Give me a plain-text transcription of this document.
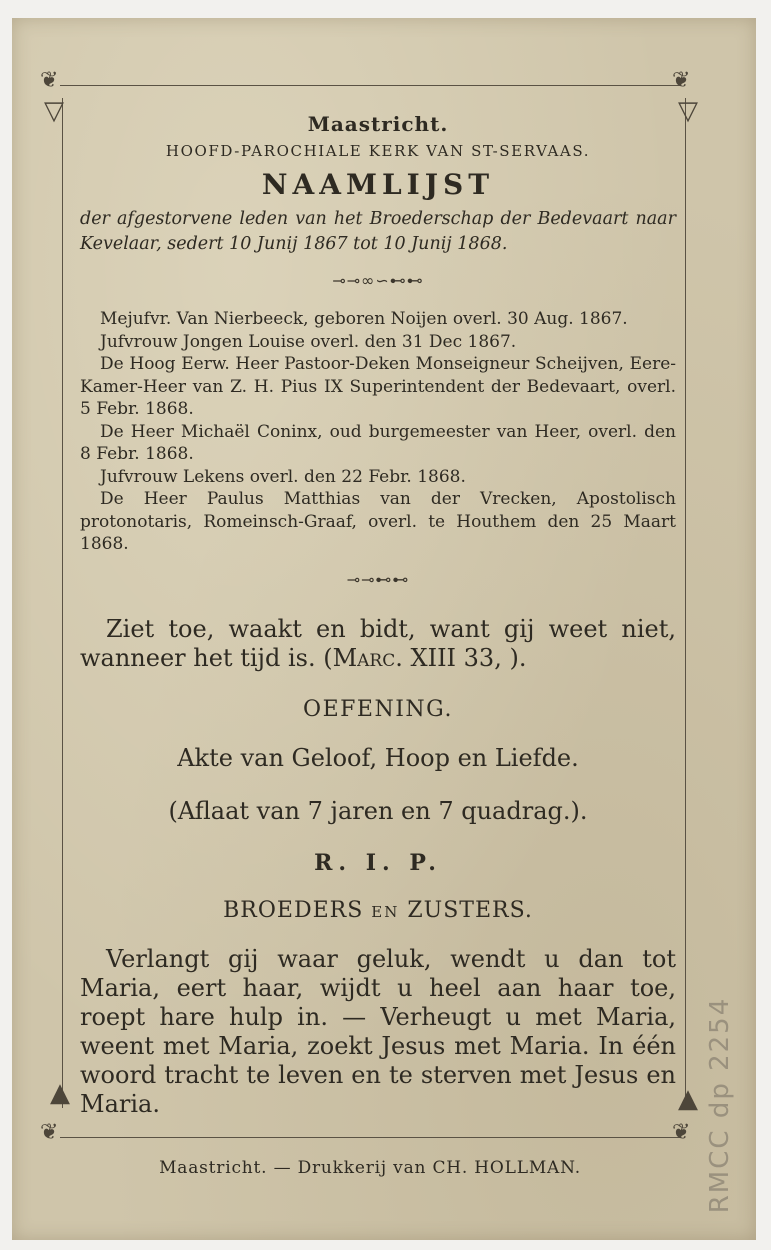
❦	❦
❦	❦
▽	▽
▲	▲

Maastricht.

HOOFD-PAROCHIALE KERK VAN ST-SERVAAS.

NAAMLIJST

der afgestorvene leden van het Broederschap der Bedevaart naar Kevelaar, sedert 10 Junij 1867 tot 10 Junij 1868.

⊸⊸∞∽⊷⊷

Mejufvr. Van Nierbeeck, geboren Noijen overl. 30 Aug. 1867.

Jufvrouw Jongen Louise overl. den 31 Dec 1867.

De Hoog Eerw. Heer Pastoor-Deken Monseigneur Scheijven, Eere-Kamer-Heer van Z. H. Pius IX Superintendent der Bedevaart, overl. 5 Febr. 1868.

De Heer Michaël Coninx, oud burgemeester van Heer, overl. den 8 Febr. 1868.

Jufvrouw Lekens overl. den 22 Febr. 1868.

De Heer Paulus Matthias van der Vrecken, Apostolisch protonotaris, Romeinsch-Graaf, overl. te Houthem den 25 Maart 1868.

⊸⊸⊷⊷

Ziet toe, waakt en bidt, want gij weet niet, wanneer het tijd is. (Marc. XIII 33, ).

OEFENING.

Akte van Geloof, Hoop en Liefde.

(Aflaat van 7 jaren en 7 quadrag.).

R. I. P.

BROEDERS EN ZUSTERS.

Verlangt gij waar geluk, wendt u dan tot Maria, eert haar, wijdt u heel aan haar toe, roept hare hulp in. — Verheugt u met Maria, weent met Maria, zoekt Jesus met Maria. In één woord tracht te leven en te sterven met Jesus en Maria.

Maastricht. — Drukkerij van CH. HOLLMAN.	RMCC dp 2254
